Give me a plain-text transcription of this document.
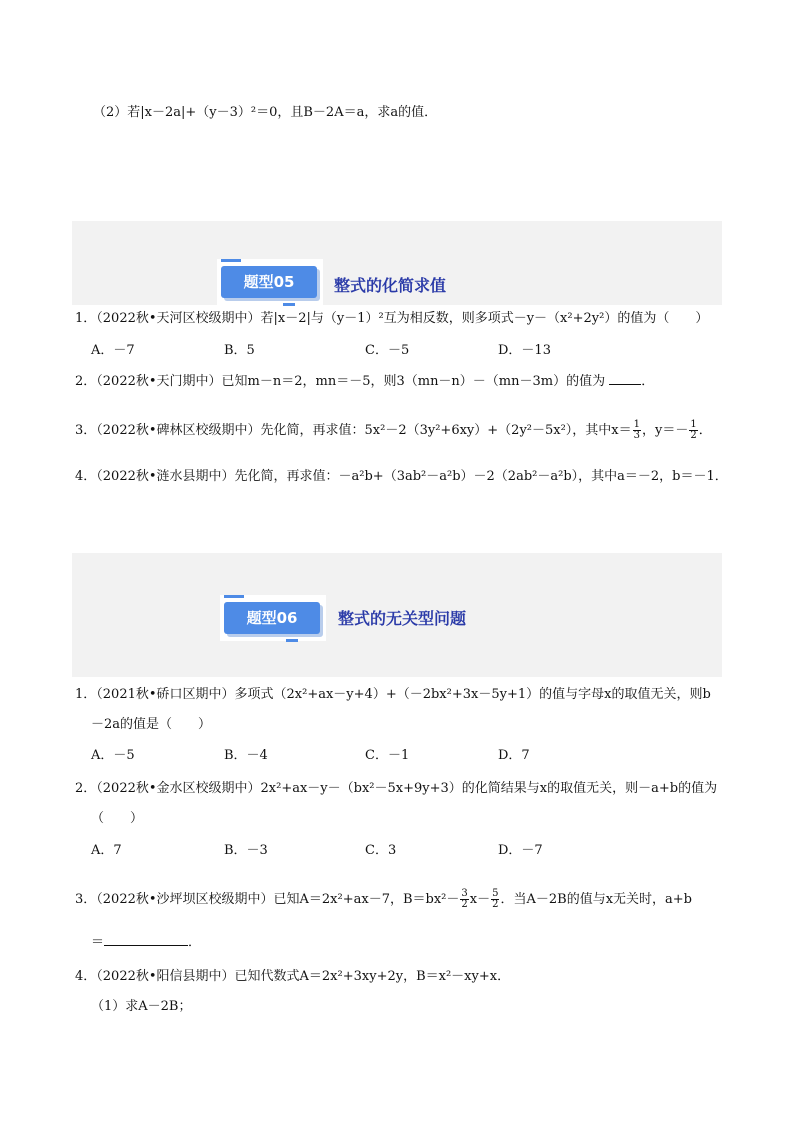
（2）若|x－2a|+（y－3）²＝0，且B－2A＝a，求a的值．
题型05	整式的化简求值
1．（2022秋•天河区校级期中）若|x－2|与（y－1）²互为相反数，则多项式－y－（x²+2y²）的值为（　　）
A．－7	B．5	C．－5	D．－13
2．（2022秋•天门期中）已知m－n＝2，mn＝－5，则3（mn－n）－（mn－3m）的值为	．
3．（2022秋•碑林区校级期中）先化简，再求值：5x²－2（3y²+6xy）+（2y²－5x²），其中$x= \frac{1}{3}$ ，$y=- \frac{1}{2}$ ．
4．（2022秋•涟水县期中）先化简，再求值：－a²b+（3ab²－a²b）－2（2ab²－a²b），其中a＝－2，b＝－1．
题型06	整式的无关型问题
1．（2021秋•硚口区期中）多项式（2x²+ax－y+4）+（－2bx²+3x－5y+1）的值与字母x的取值无关，则b
－2a的值是（　　）
A．－5	B．－4	C．－1	D．7
2．（2022秋•金水区校级期中）2x²+ax－y－（bx²－5x+9y+3）的化简结果与x的取值无关，则－a+b的值为
（　　）
A．7	B．－3	C．3	D．－7
3．（2022秋•沙坪坝区校级期中）已知A＝2x²+ax－7，$B=bx^2- \frac{3}{2} x- \frac{5}{2}$ ．当A－2B的值与x无关时，a+b
＝	．
4．（2022秋•阳信县期中）已知代数式A＝2x²+3xy+2y，B＝x²－xy+x．
（1）求A－2B；
